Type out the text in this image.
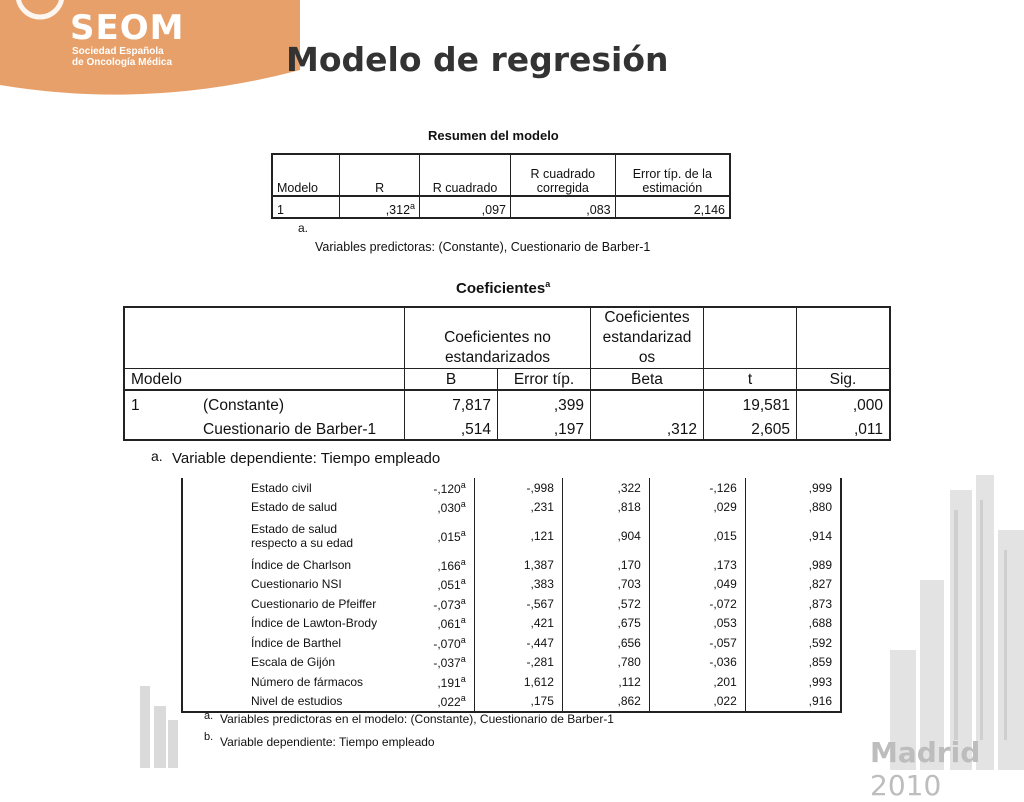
SEOM
Sociedad Española
de Oncología Médica	Modelo de regresión
Resumen del modelo
Modelo	R	R cuadrado	R cuadrado corregida	Error típ. de la estimación
1	,312$^a$	,097	,083	2,146
a.
Variables predictoras: (Constante), Cuestionario de Barber-1
Coeficientes$^a$
		Coeficientes no estandarizados		Coeficientes estandarizad os		
Modelo		B	Error típ.	Beta	t	Sig.
1	(Constante)	7,817	,399		19,581	,000
	Cuestionario de Barber-1	,514	,197	,312	2,605	,011
a. Variable dependiente: Tiempo empleado
Estado civil	-,120$^a$	-,998	,322	-,126	,999
Estado de salud	,030$^a$	,231	,818	,029	,880
Estado de salud respecto a su edad	,015$^a$	,121	,904	,015	,914
Índice de Charlson	,166$^a$	1,387	,170	,173	,989
Cuestionario NSI	,051$^a$	,383	,703	,049	,827
Cuestionario de Pfeiffer	-,073$^a$	-,567	,572	-,072	,873
Índice de Lawton-Brody	,061$^a$	,421	,675	,053	,688
Índice de Barthel	-,070$^a$	-,447	,656	-,057	,592
Escala de Gijón	-,037$^a$	-,281	,780	-,036	,859
Número de fármacos	,191$^a$	1,612	,112	,201	,993
Nivel de estudios	,022$^a$	,175	,862	,022	,916
a. Variables predictoras en el modelo: (Constante), Cuestionario de Barber-1
b. Variable dependiente: Tiempo empleado	Madrid 2010
